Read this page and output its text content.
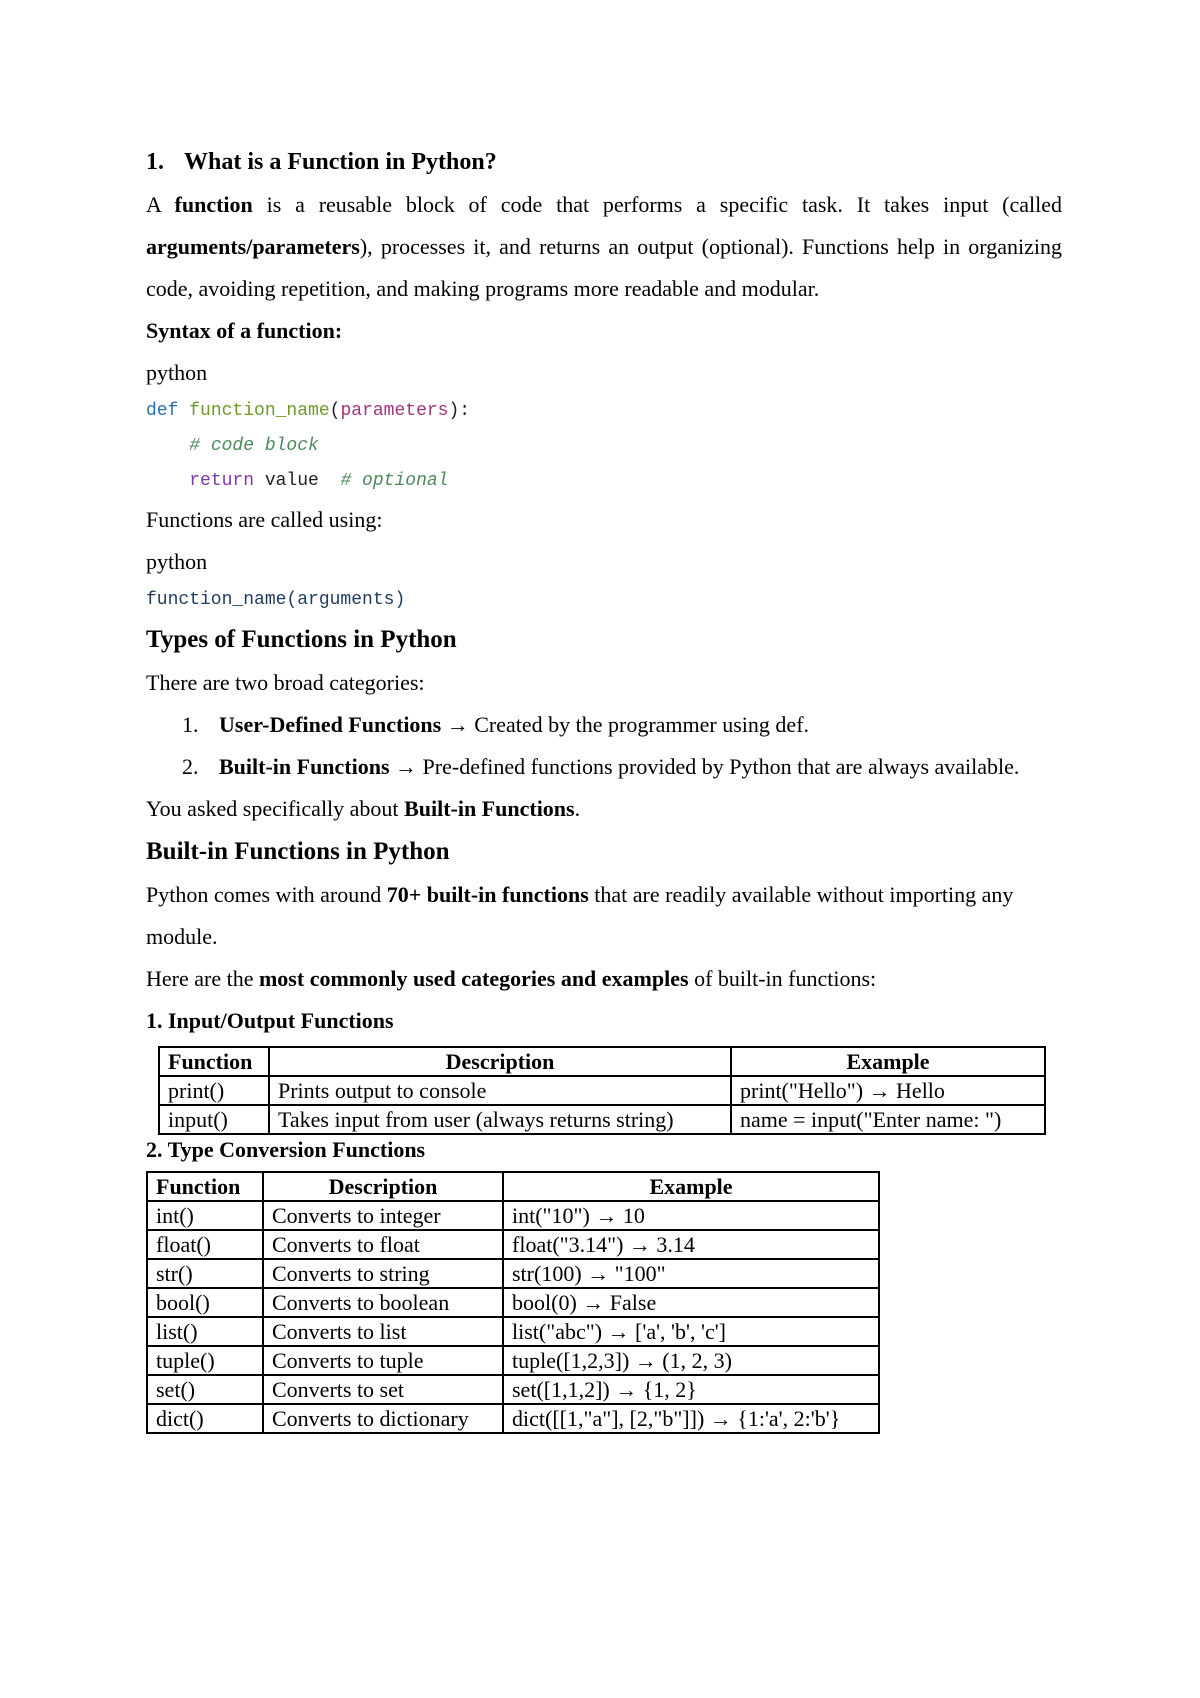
1. What is a Function in Python?

A function is a reusable block of code that performs a specific task. It takes input (called arguments/parameters), processes it, and returns an output (optional). Functions help in organizing code, avoiding repetition, and making programs more readable and modular.

Syntax of a function:

python

def function_name(parameters):
# code block
return value  # optional

Functions are called using:

python

function_name(arguments)

Types of Functions in Python

There are two broad categories:

1. User-Defined Functions → Created by the programmer using def.
2. Built-in Functions → Pre-defined functions provided by Python that are always available.

You asked specifically about Built-in Functions.

Built-in Functions in Python

Python comes with around 70+ built-in functions that are readily available without importing any module.

Here are the most commonly used categories and examples of built-in functions:

1. Input/Output Functions

Function	Description	Example
print()	Prints output to console	print("Hello") → Hello
input()	Takes input from user (always returns string)	name = input("Enter name: ")

2. Type Conversion Functions

Function	Description	Example
int()	Converts to integer	int("10") → 10
float()	Converts to float	float("3.14") → 3.14
str()	Converts to string	str(100) → "100"
bool()	Converts to boolean	bool(0) → False
list()	Converts to list	list("abc") → ['a', 'b', 'c']
tuple()	Converts to tuple	tuple([1,2,3]) → (1, 2, 3)
set()	Converts to set	set([1,1,2]) → {1, 2}
dict()	Converts to dictionary	dict([[1,"a"], [2,"b"]]) → {1:'a', 2:'b'}
